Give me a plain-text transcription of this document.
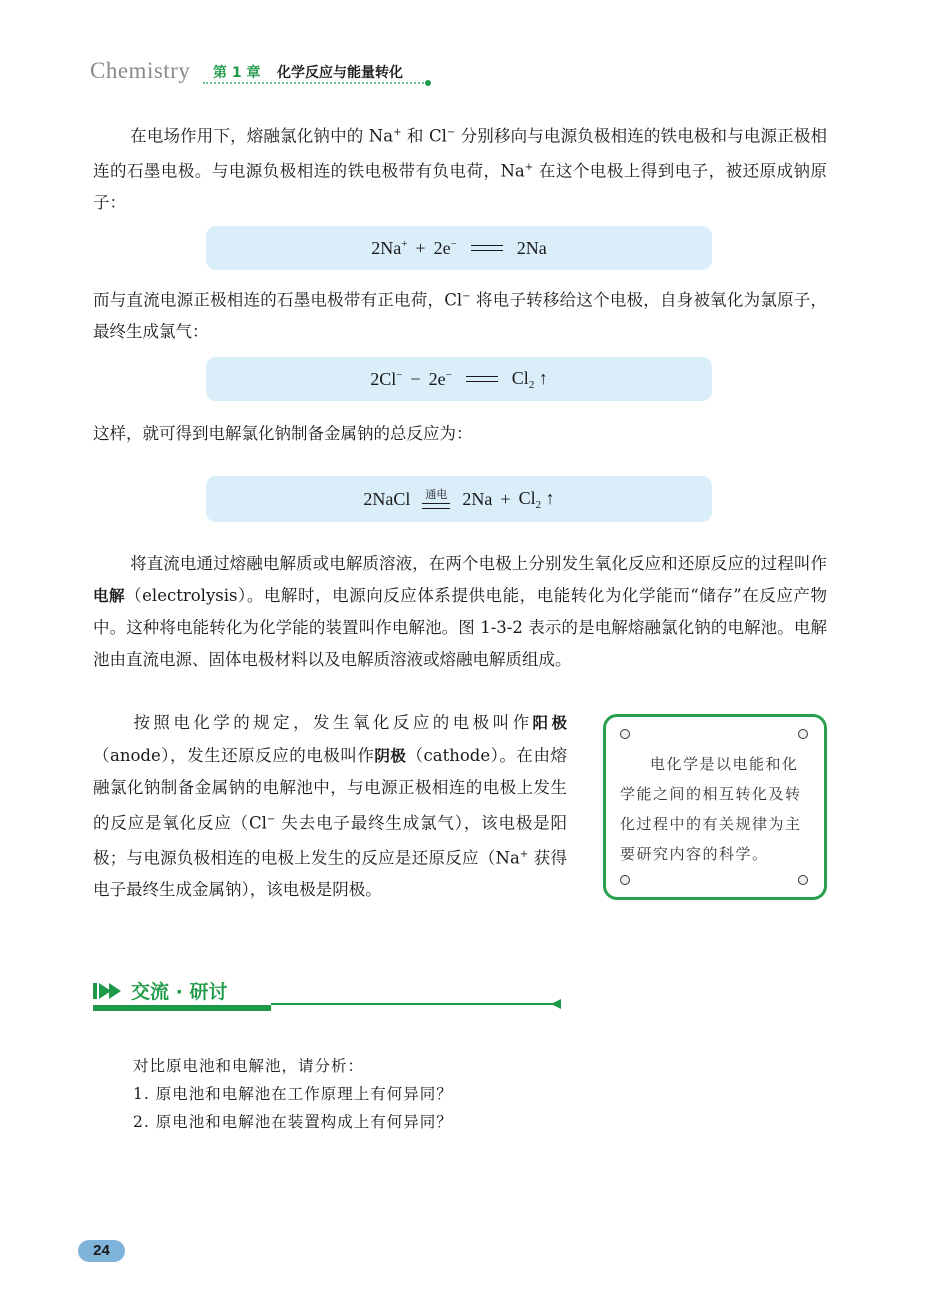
Chemistry 第 1 章 化学反应与能量转化

在电场作用下，熔融氯化钠中的 Na+ 和 Cl− 分别移向与电源负极相连的铁电极和与电源正极相连的石墨电极。与电源负极相连的铁电极带有负电荷，Na+ 在这个电极上得到电子，被还原成钠原子：

2Na+ + 2e−	2Na

而与直流电源正极相连的石墨电极带有正电荷，Cl− 将电子转移给这个电极，自身被氧化为氯原子，最终生成氯气：

2Cl− − 2e−	$Cl_2$ ↑

这样，就可得到电解氯化钠制备金属钠的总反应为：

2NaCl 通电 $2Na + Cl_2$ ↑

将直流电通过熔融电解质或电解质溶液，在两个电极上分别发生氧化反应和还原反应的过程叫作电解（electrolysis）。电解时，电源向反应体系提供电能，电能转化为化学能而“储存”在反应产物中。这种将电能转化为化学能的装置叫作电解池。图 1-3-2 表示的是电解熔融氯化钠的电解池。电解池由直流电源、固体电极材料以及电解质溶液或熔融电解质组成。

按照电化学的规定，发生氧化反应的电极叫作阳极（anode），发生还原反应的电极叫作阴极（cathode）。在由熔融氯化钠制备金属钠的电解池中，与电源正极相连的电极上发生的反应是氧化反应（Cl− 失去电子最终生成氯气），该电极是阳极；与电源负极相连的电极上发生的反应是还原反应（Na+ 获得电子最终生成金属钠），该电极是阴极。

电化学是以电能和化学能之间的相互转化及转化过程中的有关规律为主要研究内容的科学。

交流 · 研讨
对比原电池和电解池，请分析：
1. 原电池和电解池在工作原理上有何异同？
2. 原电池和电解池在装置构成上有何异同？
24
